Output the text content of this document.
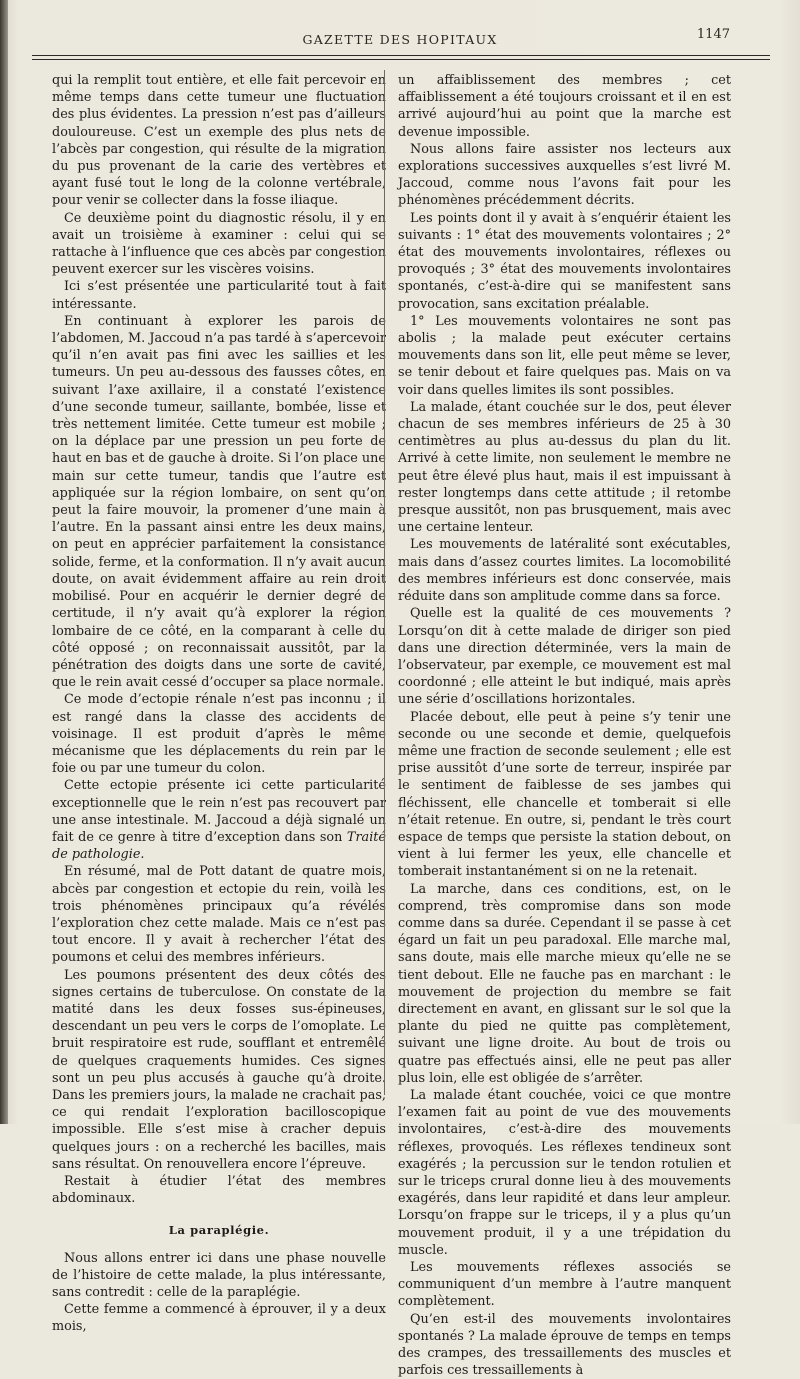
GAZETTE DES HOPITAUX	1147

qui la remplit tout entière, et elle fait percevoir en même temps dans cette tumeur une fluctuation des plus évidentes. La pression n’est pas d’ailleurs douloureuse. C’est un exemple des plus nets de l’abcès par congestion, qui résulte de la migration du pus provenant de la carie des vertèbres et ayant fusé tout le long de la colonne vertébrale, pour venir se collecter dans la fosse iliaque.

Ce deuxième point du diagnostic résolu, il y en avait un troisième à examiner : celui qui se rattache à l’influence que ces abcès par congestion peuvent exercer sur les viscères voisins.

Ici s’est présentée une particularité tout à fait intéressante.

En continuant à explorer les parois de l’abdomen, M. Jaccoud n’a pas tardé à s’apercevoir qu’il n’en avait pas fini avec les saillies et les tumeurs. Un peu au-dessous des fausses côtes, en suivant l’axe axillaire, il a constaté l’existence d’une seconde tumeur, saillante, bombée, lisse et très nettement limitée. Cette tumeur est mobile ; on la déplace par une pression un peu forte de haut en bas et de gauche à droite. Si l’on place une main sur cette tumeur, tandis que l’autre est appliquée sur la région lombaire, on sent qu’on peut la faire mouvoir, la promener d’une main à l’autre. En la passant ainsi entre les deux mains, on peut en apprécier parfaitement la consistance solide, ferme, et la conformation. Il n’y avait aucun doute, on avait évidemment affaire au rein droit mobilisé. Pour en acquérir le dernier degré de certitude, il n’y avait qu’à explorer la région lombaire de ce côté, en la comparant à celle du côté opposé ; on reconnaissait aussitôt, par la pénétration des doigts dans une sorte de cavité, que le rein avait cessé d’occuper sa place normale.

Ce mode d’ectopie rénale n’est pas inconnu ; il est rangé dans la classe des accidents de voisinage. Il est produit d’après le même mécanisme que les déplacements du rein par le foie ou par une tumeur du colon.

Cette ectopie présente ici cette particularité exceptionnelle que le rein n’est pas recouvert par une anse intestinale. M. Jaccoud a déjà signalé un fait de ce genre à titre d’exception dans son Traité de pathologie.

En résumé, mal de Pott datant de quatre mois, abcès par congestion et ectopie du rein, voilà les trois phénomènes principaux qu’a révélés l’exploration chez cette malade. Mais ce n’est pas tout encore. Il y avait à rechercher l’état des poumons et celui des membres inférieurs.

Les poumons présentent des deux côtés des signes certains de tuberculose. On constate de la matité dans les deux fosses sus-épineuses, descendant un peu vers le corps de l’omoplate. Le bruit respiratoire est rude, soufflant et entremêlé de quelques craquements humides. Ces signes sont un peu plus accusés à gauche qu’à droite. Dans les premiers jours, la malade ne crachait pas, ce qui rendait l’exploration bacilloscopique impossible. Elle s’est mise à cracher depuis quelques jours : on a recherché les bacilles, mais sans résultat. On renouvellera encore l’épreuve.

Restait à étudier l’état des membres abdominaux.

La paraplégie.

Nous allons entrer ici dans une phase nouvelle de l’histoire de cette malade, la plus intéressante, sans contredit : celle de la paraplégie.

Cette femme a commencé à éprouver, il y a deux mois,

un affaiblissement des membres ; cet affaiblissement a été toujours croissant et il en est arrivé aujourd’hui au point que la marche est devenue impossible.

Nous allons faire assister nos lecteurs aux explorations successives auxquelles s’est livré M. Jaccoud, comme nous l’avons fait pour les phénomènes précédemment décrits.

Les points dont il y avait à s’enquérir étaient les suivants : 1° état des mouvements volontaires ; 2° état des mouvements involontaires, réflexes ou provoqués ; 3° état des mouvements involontaires spontanés, c’est-à-dire qui se manifestent sans provocation, sans excitation préalable.

1° Les mouvements volontaires ne sont pas abolis ; la malade peut exécuter certains mouvements dans son lit, elle peut même se lever, se tenir debout et faire quelques pas. Mais on va voir dans quelles limites ils sont possibles.

La malade, étant couchée sur le dos, peut élever chacun de ses membres inférieurs de 25 à 30 centimètres au plus au-dessus du plan du lit. Arrivé à cette limite, non seulement le membre ne peut être élevé plus haut, mais il est impuissant à rester longtemps dans cette attitude ; il retombe presque aussitôt, non pas brusquement, mais avec une certaine lenteur.

Les mouvements de latéralité sont exécutables, mais dans d’assez courtes limites. La locomobilité des membres inférieurs est donc conservée, mais réduite dans son amplitude comme dans sa force.

Quelle est la qualité de ces mouvements ? Lorsqu’on dit à cette malade de diriger son pied dans une direction déterminée, vers la main de l’observateur, par exemple, ce mouvement est mal coordonné ; elle atteint le but indiqué, mais après une série d’oscillations horizontales.

Placée debout, elle peut à peine s’y tenir une seconde ou une seconde et demie, quelquefois même une fraction de seconde seulement ; elle est prise aussitôt d’une sorte de terreur, inspirée par le sentiment de faiblesse de ses jambes qui fléchissent, elle chancelle et tomberait si elle n’était retenue. En outre, si, pendant le très court espace de temps que persiste la station debout, on vient à lui fermer les yeux, elle chancelle et tomberait instantanément si on ne la retenait.

La marche, dans ces conditions, est, on le comprend, très compromise dans son mode comme dans sa durée. Cependant il se passe à cet égard un fait un peu paradoxal. Elle marche mal, sans doute, mais elle marche mieux qu’elle ne se tient debout. Elle ne fauche pas en marchant : le mouvement de projection du membre se fait directement en avant, en glissant sur le sol que la plante du pied ne quitte pas complètement, suivant une ligne droite. Au bout de trois ou quatre pas effectués ainsi, elle ne peut pas aller plus loin, elle est obligée de s’arrêter.

La malade étant couchée, voici ce que montre l’examen fait au point de vue des mouvements involontaires, c’est-à-dire des mouvements réflexes, provoqués. Les réflexes tendineux sont exagérés ; la percussion sur le tendon rotulien et sur le triceps crural donne lieu à des mouvements exagérés, dans leur rapidité et dans leur ampleur. Lorsqu’on frappe sur le triceps, il y a plus qu’un mouvement produit, il y a une trépidation du muscle.

Les mouvements réflexes associés se communiquent d’un membre à l’autre manquent complètement.

Qu’en est-il des mouvements involontaires spontanés ? La malade éprouve de temps en temps des crampes, des tressaillements des muscles et parfois ces tressaillements à
